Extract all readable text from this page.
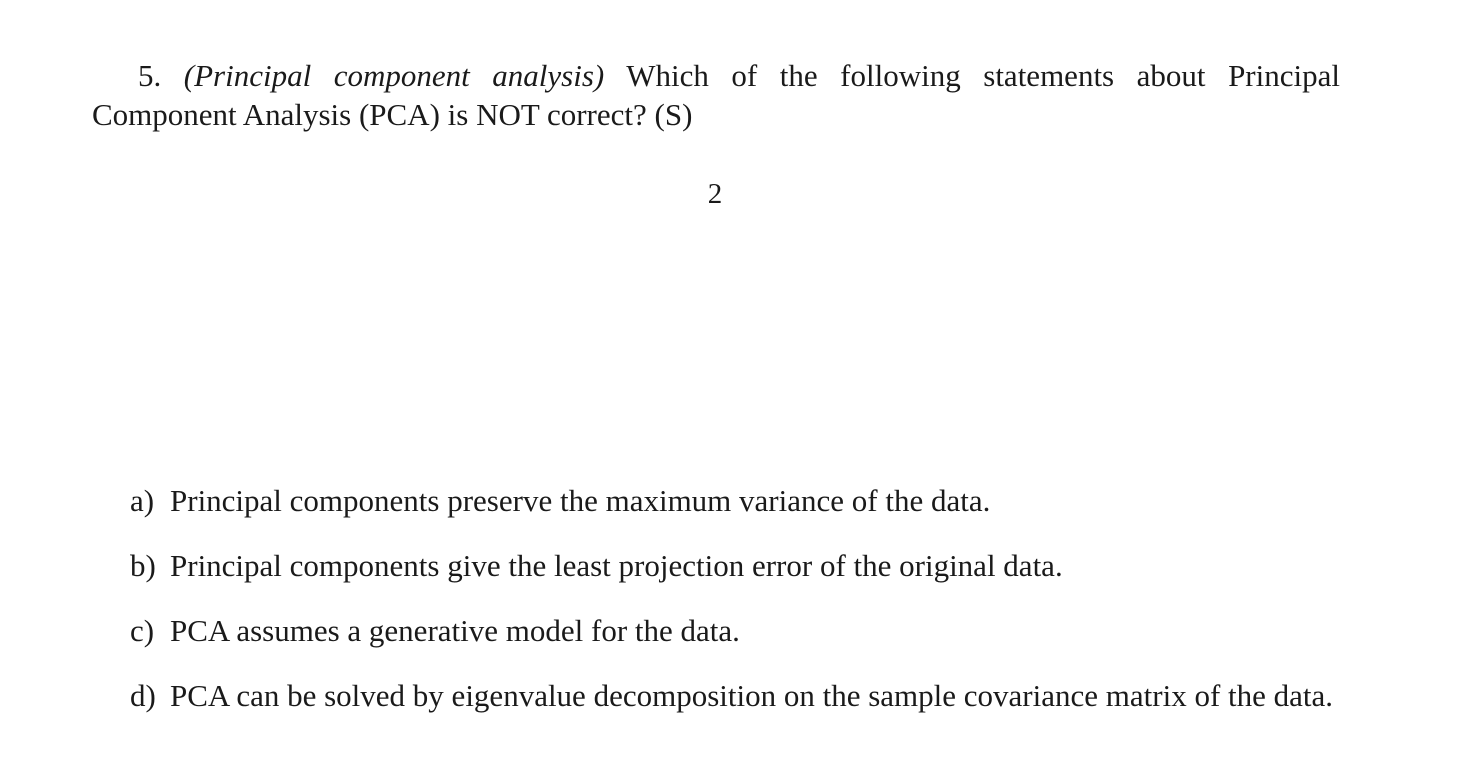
5. (Principal component analysis) Which of the following statements about Principal Component Analysis (PCA) is NOT correct? (S)
2
a) Principal components preserve the maximum variance of the data.
b) Principal components give the least projection error of the original data.
c) PCA assumes a generative model for the data.
d) PCA can be solved by eigenvalue decomposition on the sample covariance matrix of the data.
